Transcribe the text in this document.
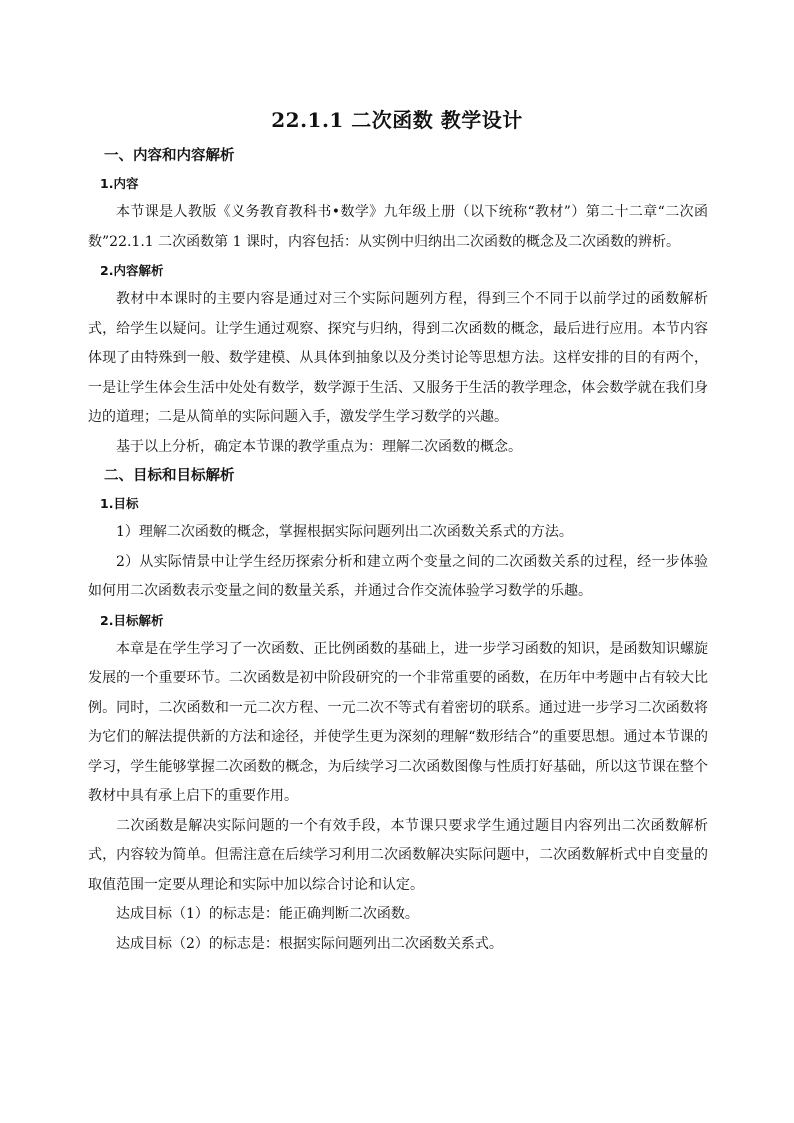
22.1.1 二次函数 教学设计
一、内容和内容解析
1.内容

本节课是人教版《义务教育教科书•数学》九年级上册（以下统称“教材”）第二十二章“二次函数”22.1.1 二次函数第 1 课时，内容包括：从实例中归纳出二次函数的概念及二次函数的辨析。

2.内容解析

教材中本课时的主要内容是通过对三个实际问题列方程，得到三个不同于以前学过的函数解析式，给学生以疑问。让学生通过观察、探究与归纳，得到二次函数的概念，最后进行应用。本节内容体现了由特殊到一般、数学建模、从具体到抽象以及分类讨论等思想方法。这样安排的目的有两个，一是让学生体会生活中处处有数学，数学源于生活、又服务于生活的教学理念，体会数学就在我们身边的道理；二是从简单的实际问题入手，激发学生学习数学的兴趣。

基于以上分析，确定本节课的教学重点为：理解二次函数的概念。

二、目标和目标解析
1.目标

1）理解二次函数的概念，掌握根据实际问题列出二次函数关系式的方法。

2）从实际情景中让学生经历探索分析和建立两个变量之间的二次函数关系的过程，经一步体验如何用二次函数表示变量之间的数量关系，并通过合作交流体验学习数学的乐趣。

2.目标解析

本章是在学生学习了一次函数、正比例函数的基础上，进一步学习函数的知识，是函数知识螺旋发展的一个重要环节。二次函数是初中阶段研究的一个非常重要的函数，在历年中考题中占有较大比例。同时，二次函数和一元二次方程、一元二次不等式有着密切的联系。通过进一步学习二次函数将为它们的解法提供新的方法和途径，并使学生更为深刻的理解“数形结合”的重要思想。通过本节课的学习，学生能够掌握二次函数的概念，为后续学习二次函数图像与性质打好基础，所以这节课在整个教材中具有承上启下的重要作用。

二次函数是解决实际问题的一个有效手段，本节课只要求学生通过题目内容列出二次函数解析式，内容较为简单。但需注意在后续学习利用二次函数解决实际问题中，二次函数解析式中自变量的取值范围一定要从理论和实际中加以综合讨论和认定。

达成目标（1）的标志是：能正确判断二次函数。

达成目标（2）的标志是：根据实际问题列出二次函数关系式。
